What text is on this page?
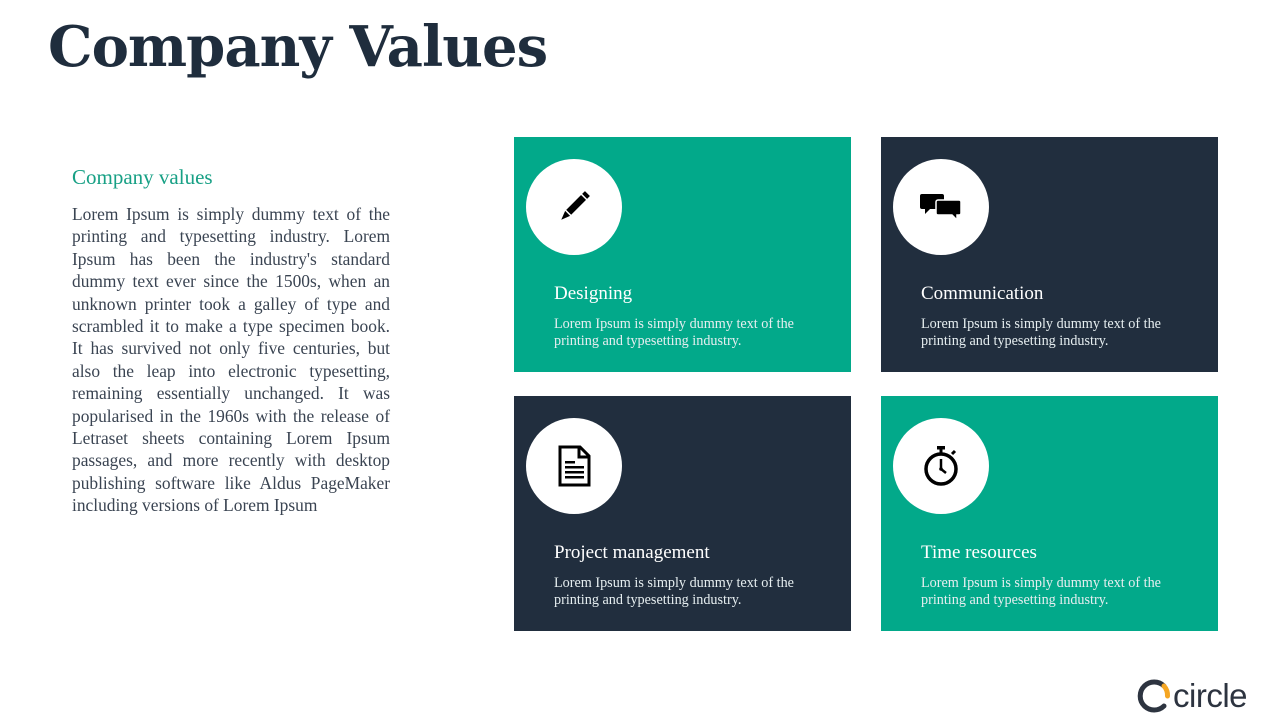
Company Values
Company values

Lorem Ipsum is simply dummy text of the printing and typesetting industry. Lorem Ipsum has been the industry's standard dummy text ever since the 1500s, when an unknown printer took a galley of type and scrambled it to make a type specimen book. It has survived not only five centuries, but also the leap into electronic typesetting, remaining essentially unchanged. It was popularised in the 1960s with the release of Letraset sheets containing Lorem Ipsum passages, and more recently with desktop publishing software like Aldus PageMaker including versions of Lorem Ipsum

Designing

Lorem Ipsum is simply dummy text of the printing and typesetting industry.

Communication

Lorem Ipsum is simply dummy text of the printing and typesetting industry.

Project management

Lorem Ipsum is simply dummy text of the printing and typesetting industry.

Time resources

Lorem Ipsum is simply dummy text of the printing and typesetting industry.

circle
